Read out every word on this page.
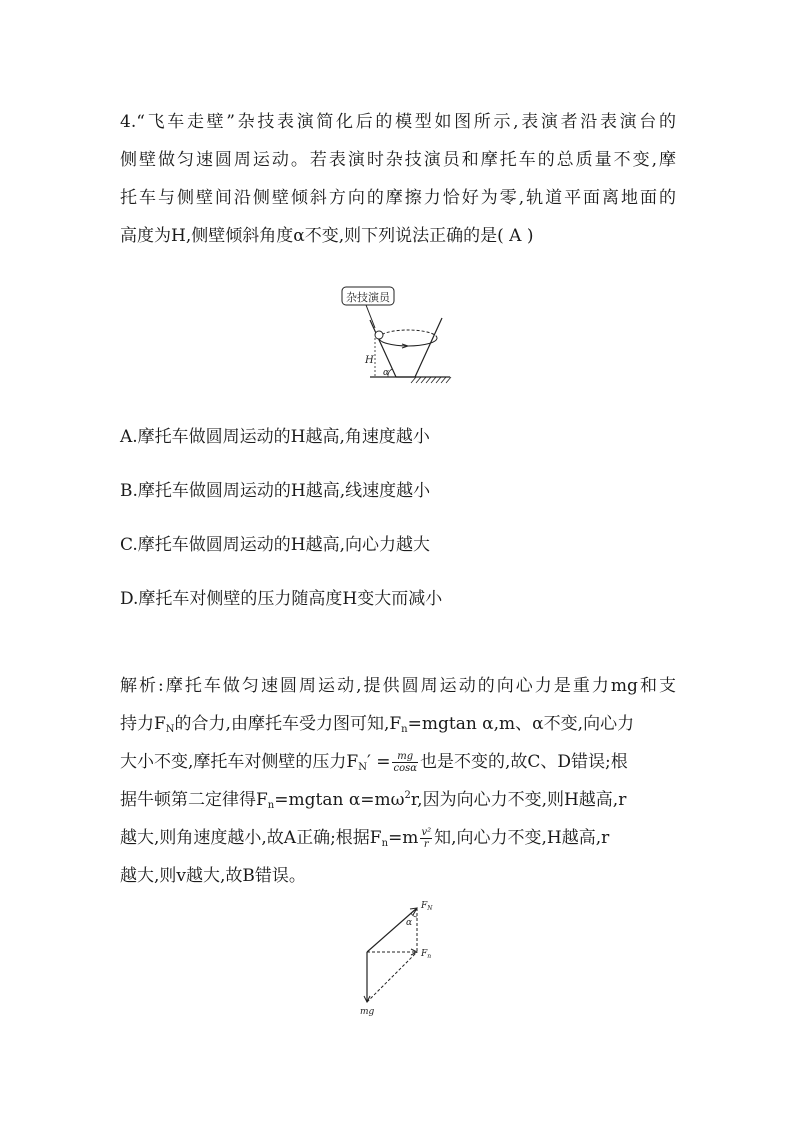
4.“飞车走壁”杂技表演简化后的模型如图所示,表演者沿表演台的
侧壁做匀速圆周运动。若表演时杂技演员和摩托车的总质量不变,摩
托车与侧壁间沿侧壁倾斜方向的摩擦力恰好为零,轨道平面离地面的
高度为H,侧壁倾斜角度α不变,则下列说法正确的是( A )
杂技演员
H
α
A.摩托车做圆周运动的H越高,角速度越小
B.摩托车做圆周运动的H越高,线速度越小
C.摩托车做圆周运动的H越高,向心力越大
D.摩托车对侧壁的压力随高度H变大而减小
解析:摩托车做匀速圆周运动,提供圆周运动的向心力是重力mg和支
持力$F_N$的合力,由摩托车受力图可知$,F_n=mgtan$ α,m、α不变,向心力
大小不变,摩托车对侧壁的压力$F_N' = \frac{mg}{\cos\alpha}$ 也是不变的,故C、D错误;根
据牛顿第二定律得$F_n=mgtan$ $\alpha=m\omega^2r$,因为向心力不变,则H越高,r
越大,则角速度越小,故A正确;根据$F_n=m \frac{\text{v²}}{r}$ 知,向心力不变,H越高,r
越大,则v越大,故B错误。
α
$F_N$
$F_n$
mg
